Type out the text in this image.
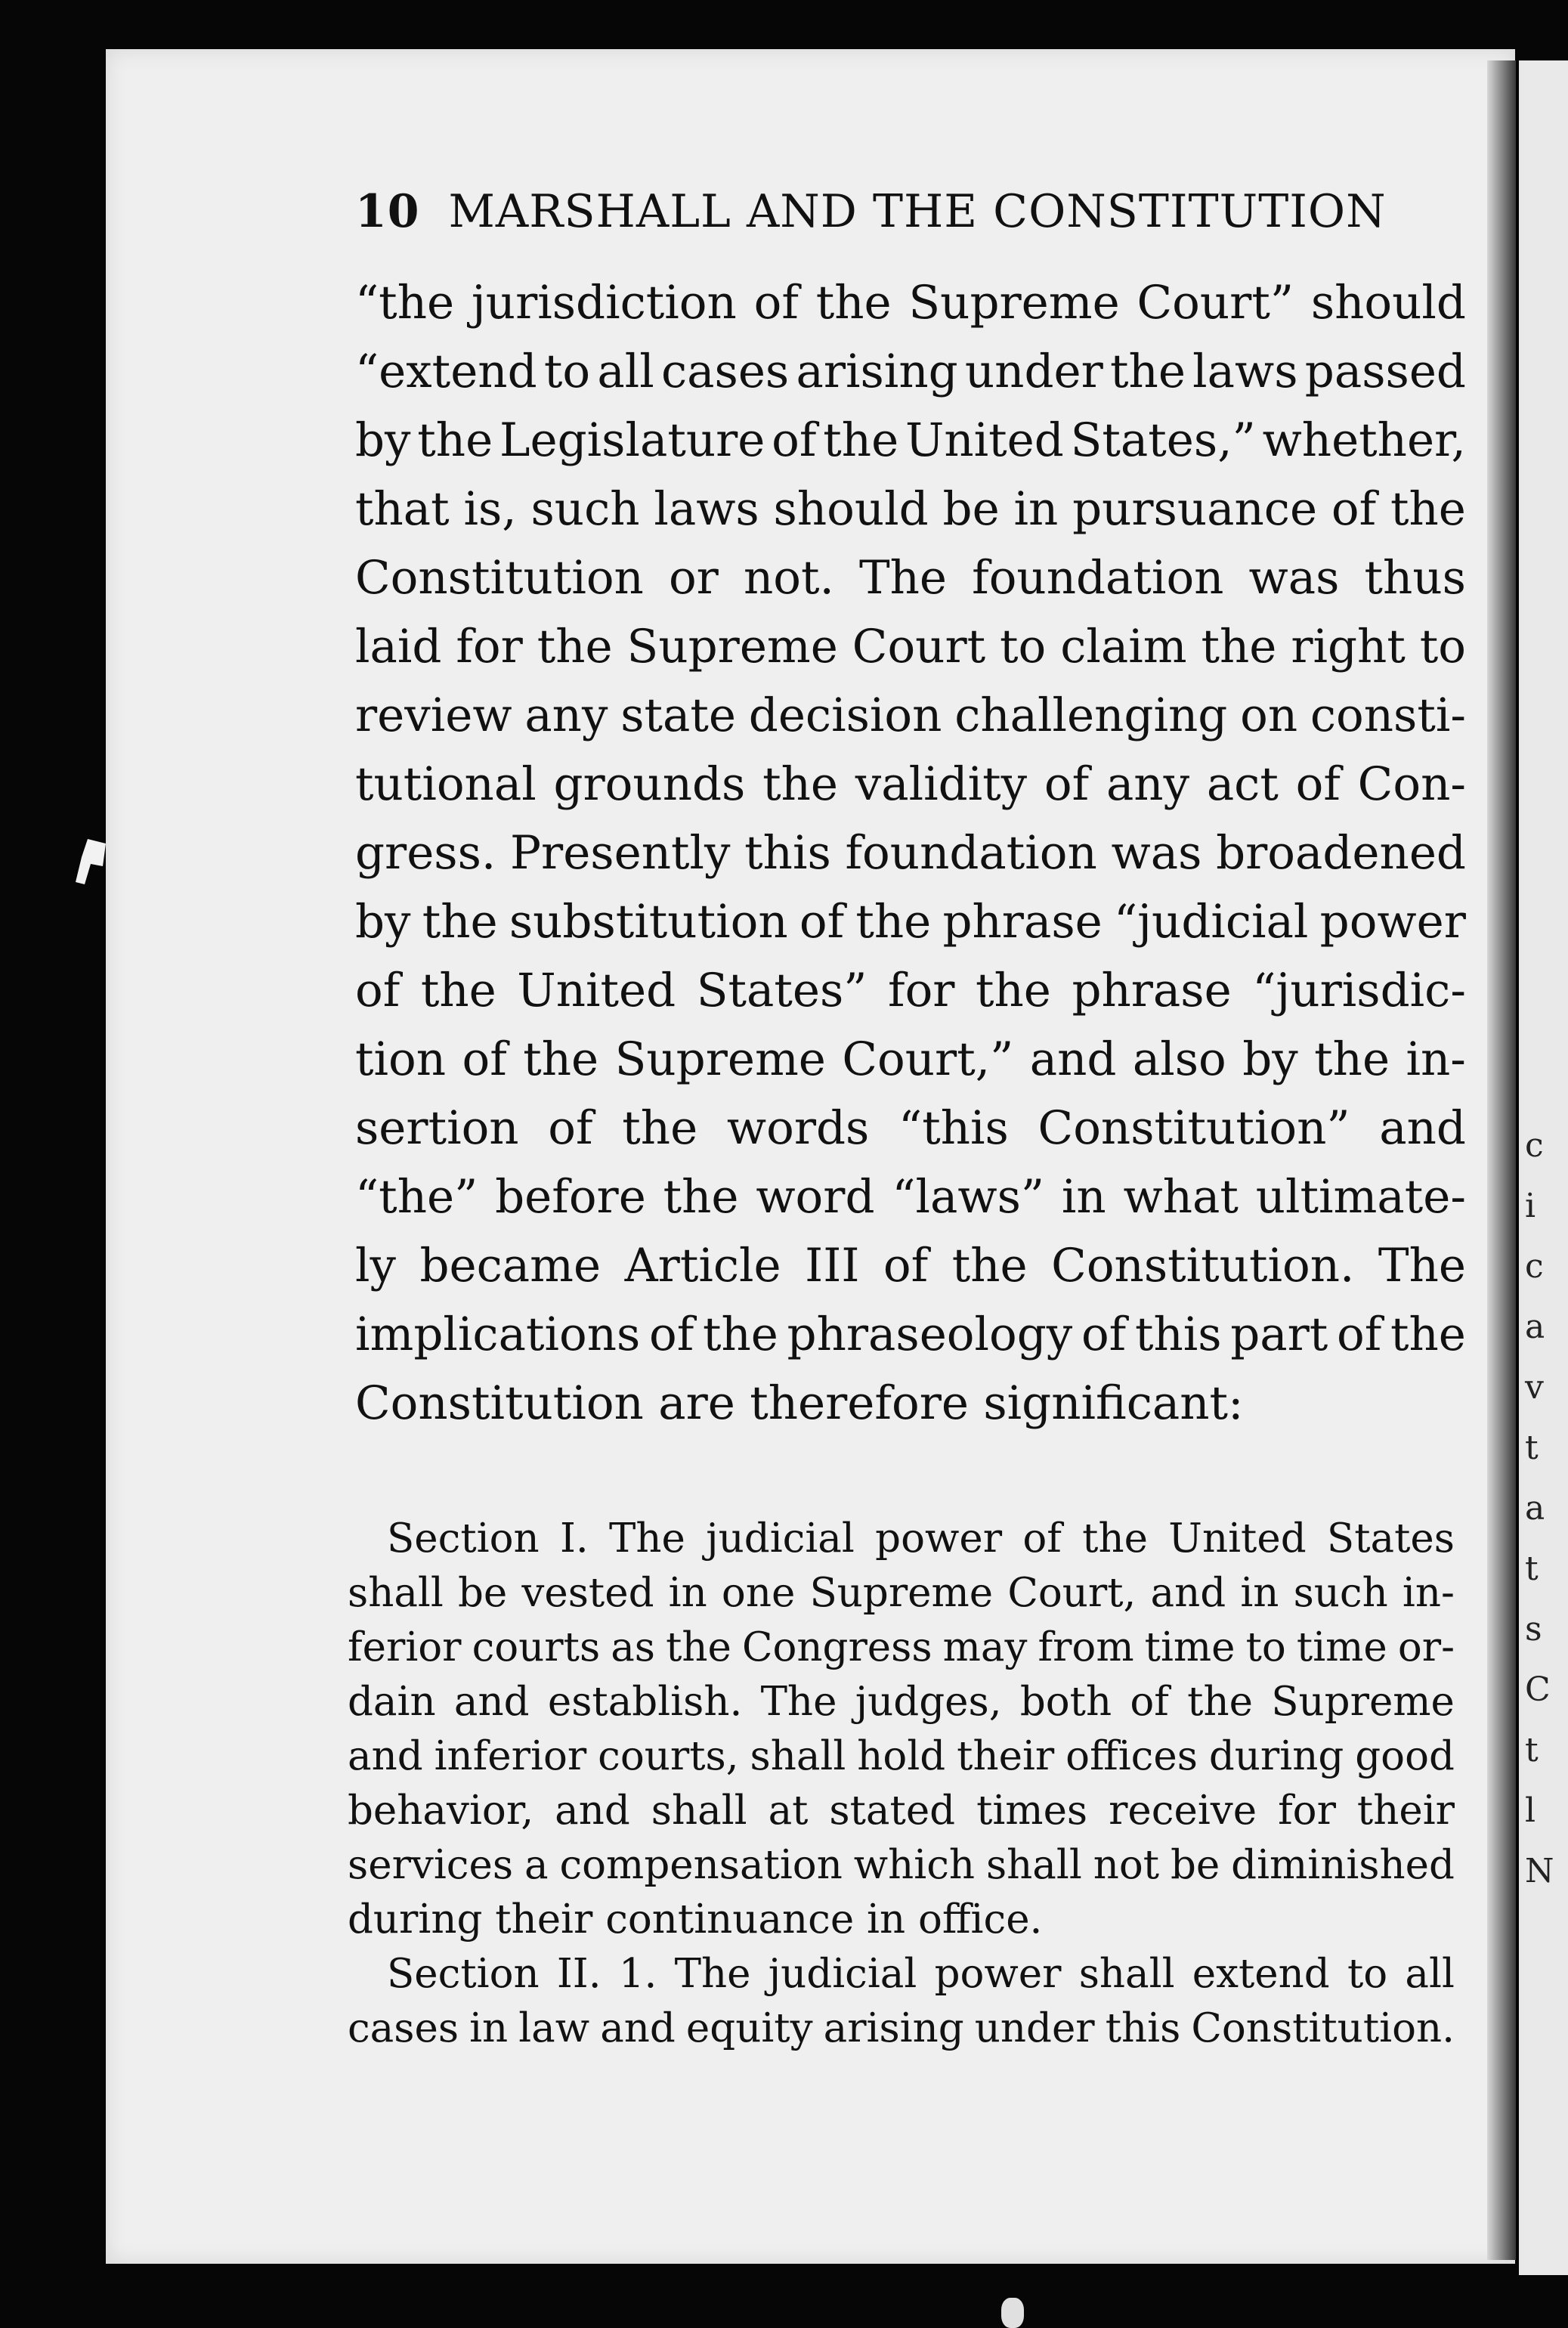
c
i
c
a
v
t
a
t
s
C
t
l
N
10 MARSHALL AND THE CONSTITUTION
“the jurisdiction of the Supreme Court” should
“extend to all cases arising under the laws passed
by the Legislature of the United States,” whether,
that is, such laws should be in pursuance of the
Constitution or not. The foundation was thus
laid for the Supreme Court to claim the right to
review any state decision challenging on consti-
tutional grounds the validity of any act of Con-
gress. Presently this foundation was broadened
by the substitution of the phrase “judicial power
of the United States” for the phrase “jurisdic-
tion of the Supreme Court,” and also by the in-
sertion of the words “this Constitution” and
“the” before the word “laws” in what ultimate-
ly became Article III of the Constitution. The
implications of the phraseology of this part of the
Constitution are therefore significant:
Section I. The judicial power of the United States
shall be vested in one Supreme Court, and in such in-
ferior courts as the Congress may from time to time or-
dain and establish. The judges, both of the Supreme
and inferior courts, shall hold their offices during good
behavior, and shall at stated times receive for their
services a compensation which shall not be diminished
during their continuance in office.
Section II. 1. The judicial power shall extend to all
cases in law and equity arising under this Constitution.
